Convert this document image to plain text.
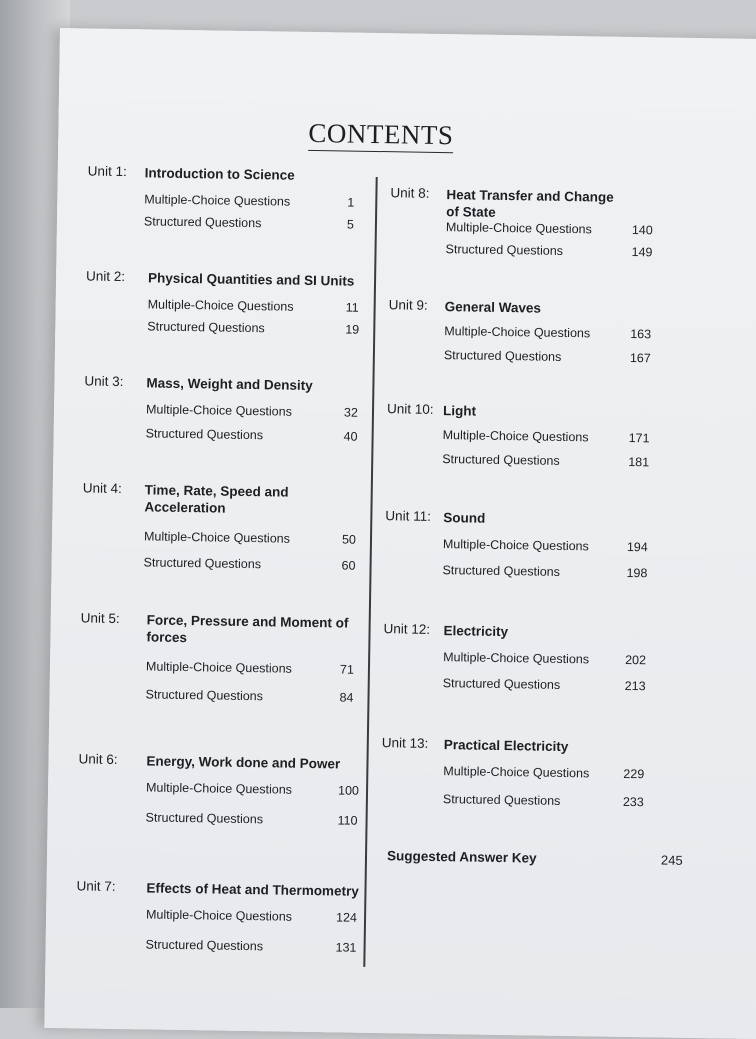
CONTENTS
Unit 1: Introduction to Science
Multiple-Choice Questions	1
Structured Questions	5
Unit 2: Physical Quantities and SI Units
Multiple-Choice Questions	11
Structured Questions	19
Unit 3: Mass, Weight and Density
Multiple-Choice Questions	32
Structured Questions	40
Unit 4: Time, Rate, Speed and Acceleration
Multiple-Choice Questions	50
Structured Questions	60
Unit 5: Force, Pressure and Moment of forces
Multiple-Choice Questions	71
Structured Questions	84
Unit 6: Energy, Work done and Power
Multiple-Choice Questions	100
Structured Questions	110
Unit 7: Effects of Heat and Thermometry
Multiple-Choice Questions	124
Structured Questions	131
Unit 8: Heat Transfer and Change of State
Multiple-Choice Questions	140
Structured Questions	149
Unit 9: General Waves
Multiple-Choice Questions	163
Structured Questions	167
Unit 10: Light
Multiple-Choice Questions	171
Structured Questions	181
Unit 11: Sound
Multiple-Choice Questions	194
Structured Questions	198
Unit 12: Electricity
Multiple-Choice Questions	202
Structured Questions	213
Unit 13: Practical Electricity
Multiple-Choice Questions	229
Structured Questions	233
Suggested Answer Key	245
